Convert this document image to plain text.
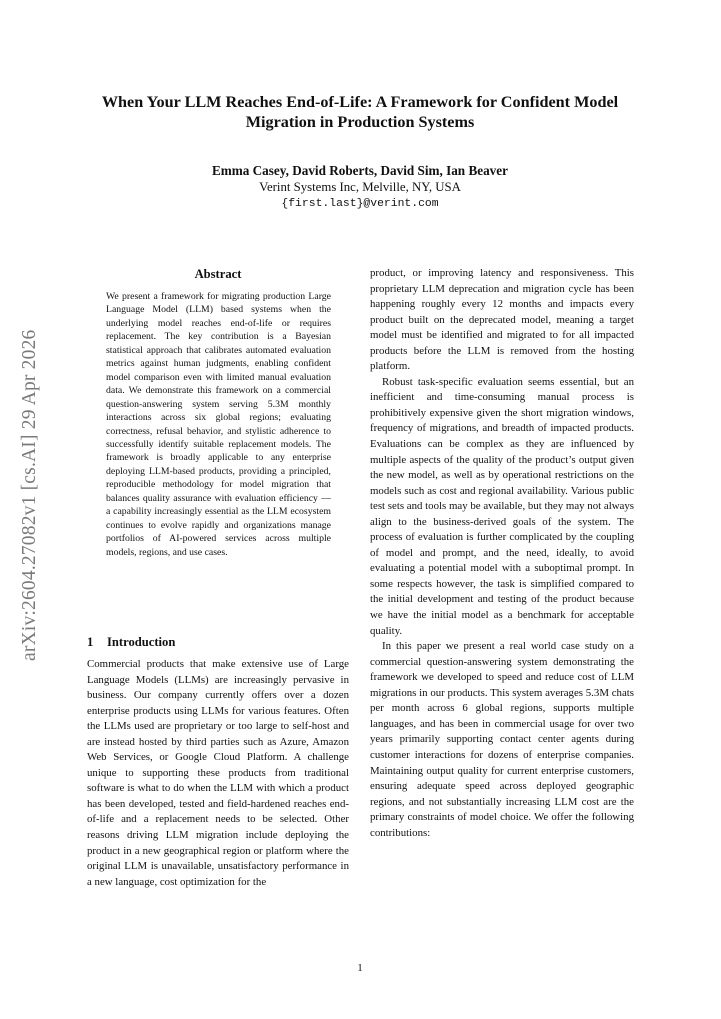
arXiv:2604.27082v1 [cs.AI] 29 Apr 2026
When Your LLM Reaches End-of-Life: A Framework for Confident Model Migration in Production Systems
Emma Casey, David Roberts, David Sim, Ian Beaver
Verint Systems Inc, Melville, NY, USA
{first.last}@verint.com
Abstract
We present a framework for migrating production Large Language Model (LLM) based systems when the underlying model reaches end-of-life or requires replacement. The key contribution is a Bayesian statistical approach that calibrates automated evaluation metrics against human judgments, enabling confident model comparison even with limited manual evaluation data. We demonstrate this framework on a commercial question-answering system serving 5.3M monthly interactions across six global regions; evaluating correctness, refusal behavior, and stylistic adherence to successfully identify suitable replacement models. The framework is broadly applicable to any enterprise deploying LLM-based products, providing a principled, reproducible methodology for model migration that balances quality assurance with evaluation efficiency — a capability increasingly essential as the LLM ecosystem continues to evolve rapidly and organizations manage portfolios of AI-powered services across multiple models, regions, and use cases.
1 Introduction

Commercial products that make extensive use of Large Language Models (LLMs) are increasingly pervasive in business. Our company currently offers over a dozen enterprise products using LLMs for various features. Often the LLMs used are proprietary or too large to self-host and are instead hosted by third parties such as Azure, Amazon Web Services, or Google Cloud Platform. A challenge unique to supporting these products from traditional software is what to do when the LLM with which a product has been developed, tested and field-hardened reaches end-of-life and a replacement needs to be selected. Other reasons driving LLM migration include deploying the product in a new geographical region or platform where the original LLM is unavailable, unsatisfactory performance in a new language, cost optimization for the

product, or improving latency and responsiveness. This proprietary LLM deprecation and migration cycle has been happening roughly every 12 months and impacts every product built on the deprecated model, meaning a target model must be identified and migrated to for all impacted products before the LLM is removed from the hosting platform.

Robust task-specific evaluation seems essential, but an inefficient and time-consuming manual process is prohibitively expensive given the short migration windows, frequency of migrations, and breadth of impacted products. Evaluations can be complex as they are influenced by multiple aspects of the quality of the product’s output given the new model, as well as by operational restrictions on the models such as cost and regional availability. Various public test sets and tools may be available, but they may not always align to the business-derived goals of the system. The process of evaluation is further complicated by the coupling of model and prompt, and the need, ideally, to avoid evaluating a potential model with a suboptimal prompt. In some respects however, the task is simplified compared to the initial development and testing of the product because we have the initial model as a benchmark for acceptable quality.

In this paper we present a real world case study on a commercial question-answering system demonstrating the framework we developed to speed and reduce cost of LLM migrations in our products. This system averages 5.3M chats per month across 6 global regions, supports multiple languages, and has been in commercial usage for over two years primarily supporting contact center agents during customer interactions for dozens of enterprise companies. Maintaining output quality for current enterprise customers, ensuring adequate speed across deployed geographic regions, and not substantially increasing LLM cost are the primary constraints of model choice. We offer the following contributions:

1
